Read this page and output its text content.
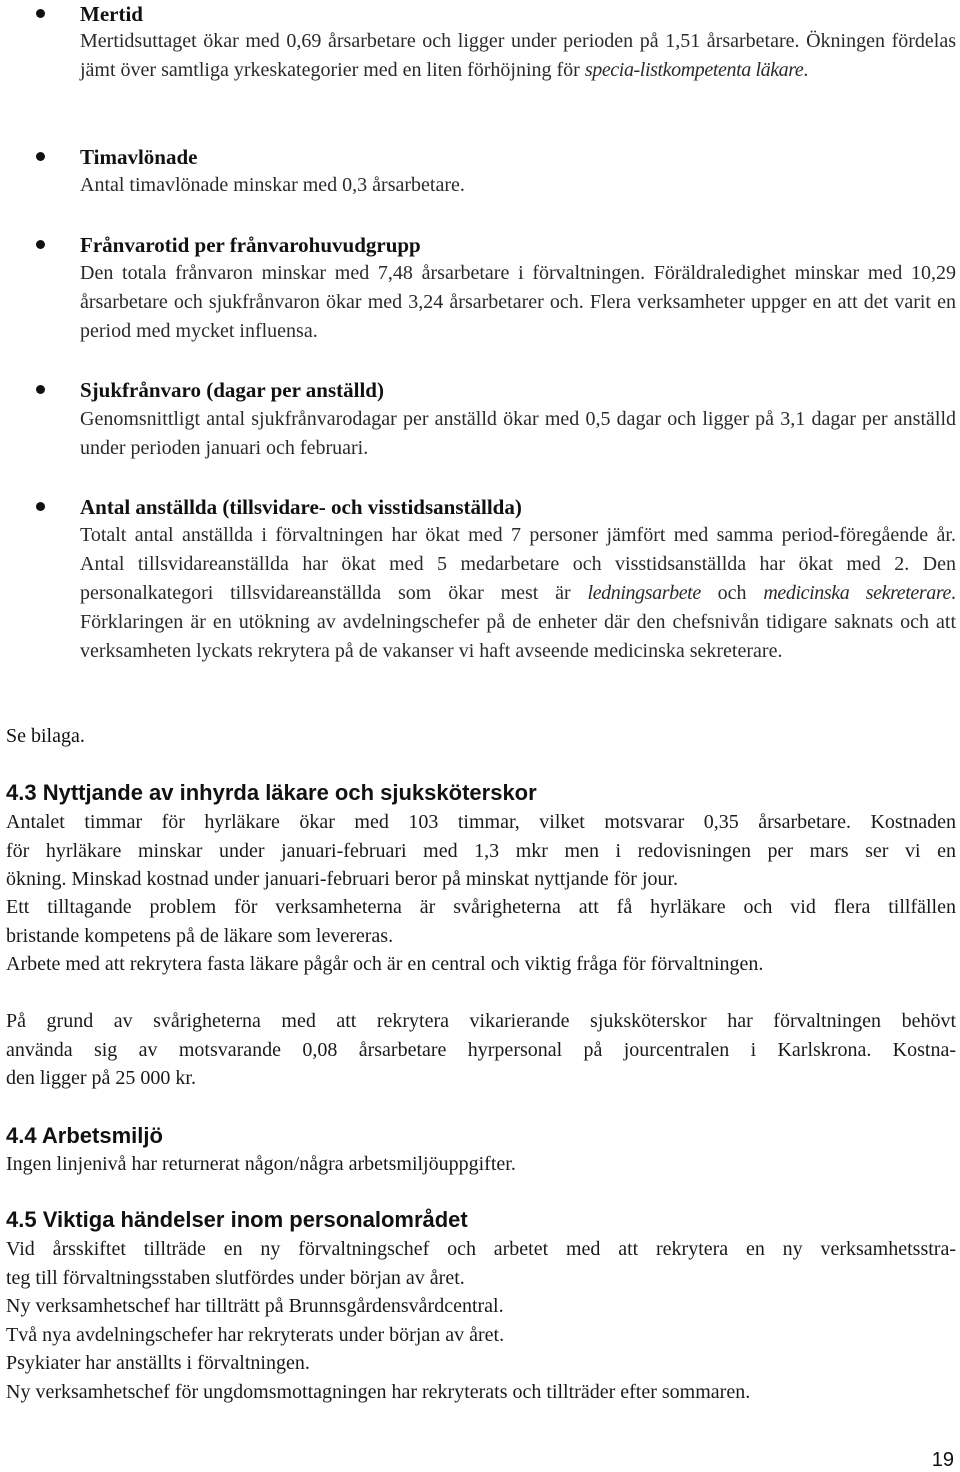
Mertid
Mertidsuttaget ökar med 0,69 årsarbetare och ligger under perioden på 1,51 årsarbetare. Ökningen fördelas jämt över samtliga yrkeskategorier med en liten förhöjning för specia-listkompetenta läkare.
Timavlönade
Antal timavlönade minskar med 0,3 årsarbetare.
Frånvarotid per frånvarohuvudgrupp
Den totala frånvaron minskar med 7,48 årsarbetare i förvaltningen. Föräldraledighet minskar med 10,29 årsarbetare och sjukfrånvaron ökar med 3,24 årsarbetarer och. Flera verksamheter uppger en att det varit en period med mycket influensa.
Sjukfrånvaro (dagar per anställd)
Genomsnittligt antal sjukfrånvarodagar per anställd ökar med 0,5 dagar och ligger på 3,1 dagar per anställd under perioden januari och februari.
Antal anställda (tillsvidare- och visstidsanställda)
Totalt antal anställda i förvaltningen har ökat med 7 personer jämfört med samma period-föregående år. Antal tillsvidareanställda har ökat med 5 medarbetare och visstidsanställda har ökat med 2. Den personalkategori tillsvidareanställda som ökar mest är ledningsarbete och medicinska sekreterare. Förklaringen är en utökning av avdelningschefer på de enheter där den chefsnivån tidigare saknats och att verksamheten lyckats rekrytera på de vakanser vi haft avseende medicinska sekreterare.
Se bilaga.
4.3 Nyttjande av inhyrda läkare och sjuksköterskor
Antalet timmar för hyrläkare ökar med 103 timmar, vilket motsvarar 0,35 årsarbetare. Kostnaden
för hyrläkare minskar under januari-februari med 1,3 mkr men i redovisningen per mars ser vi en
ökning. Minskad kostnad under januari-februari beror på minskat nyttjande för jour.
Ett tilltagande problem för verksamheterna är svårigheterna att få hyrläkare och vid flera tillfällen
bristande kompetens på de läkare som levereras.
Arbete med att rekrytera fasta läkare pågår och är en central och viktig fråga för förvaltningen.
På grund av svårigheterna med att rekrytera vikarierande sjuksköterskor har förvaltningen behövt
använda sig av motsvarande 0,08 årsarbetare hyrpersonal på jourcentralen i Karlskrona. Kostna-
den ligger på 25 000 kr.
4.4 Arbetsmiljö
Ingen linjenivå har returnerat någon/några arbetsmiljöuppgifter.
4.5 Viktiga händelser inom personalområdet
Vid årsskiftet tillträde en ny förvaltningschef och arbetet med att rekrytera en ny verksamhetsstra-
teg till förvaltningsstaben slutfördes under början av året.
Ny verksamhetschef har tillträtt på Brunnsgårdensvårdcentral.
Två nya avdelningschefer har rekryterats under början av året.
Psykiater har anställts i förvaltningen.
Ny verksamhetschef för ungdomsmottagningen har rekryterats och tillträder efter sommaren.
19
